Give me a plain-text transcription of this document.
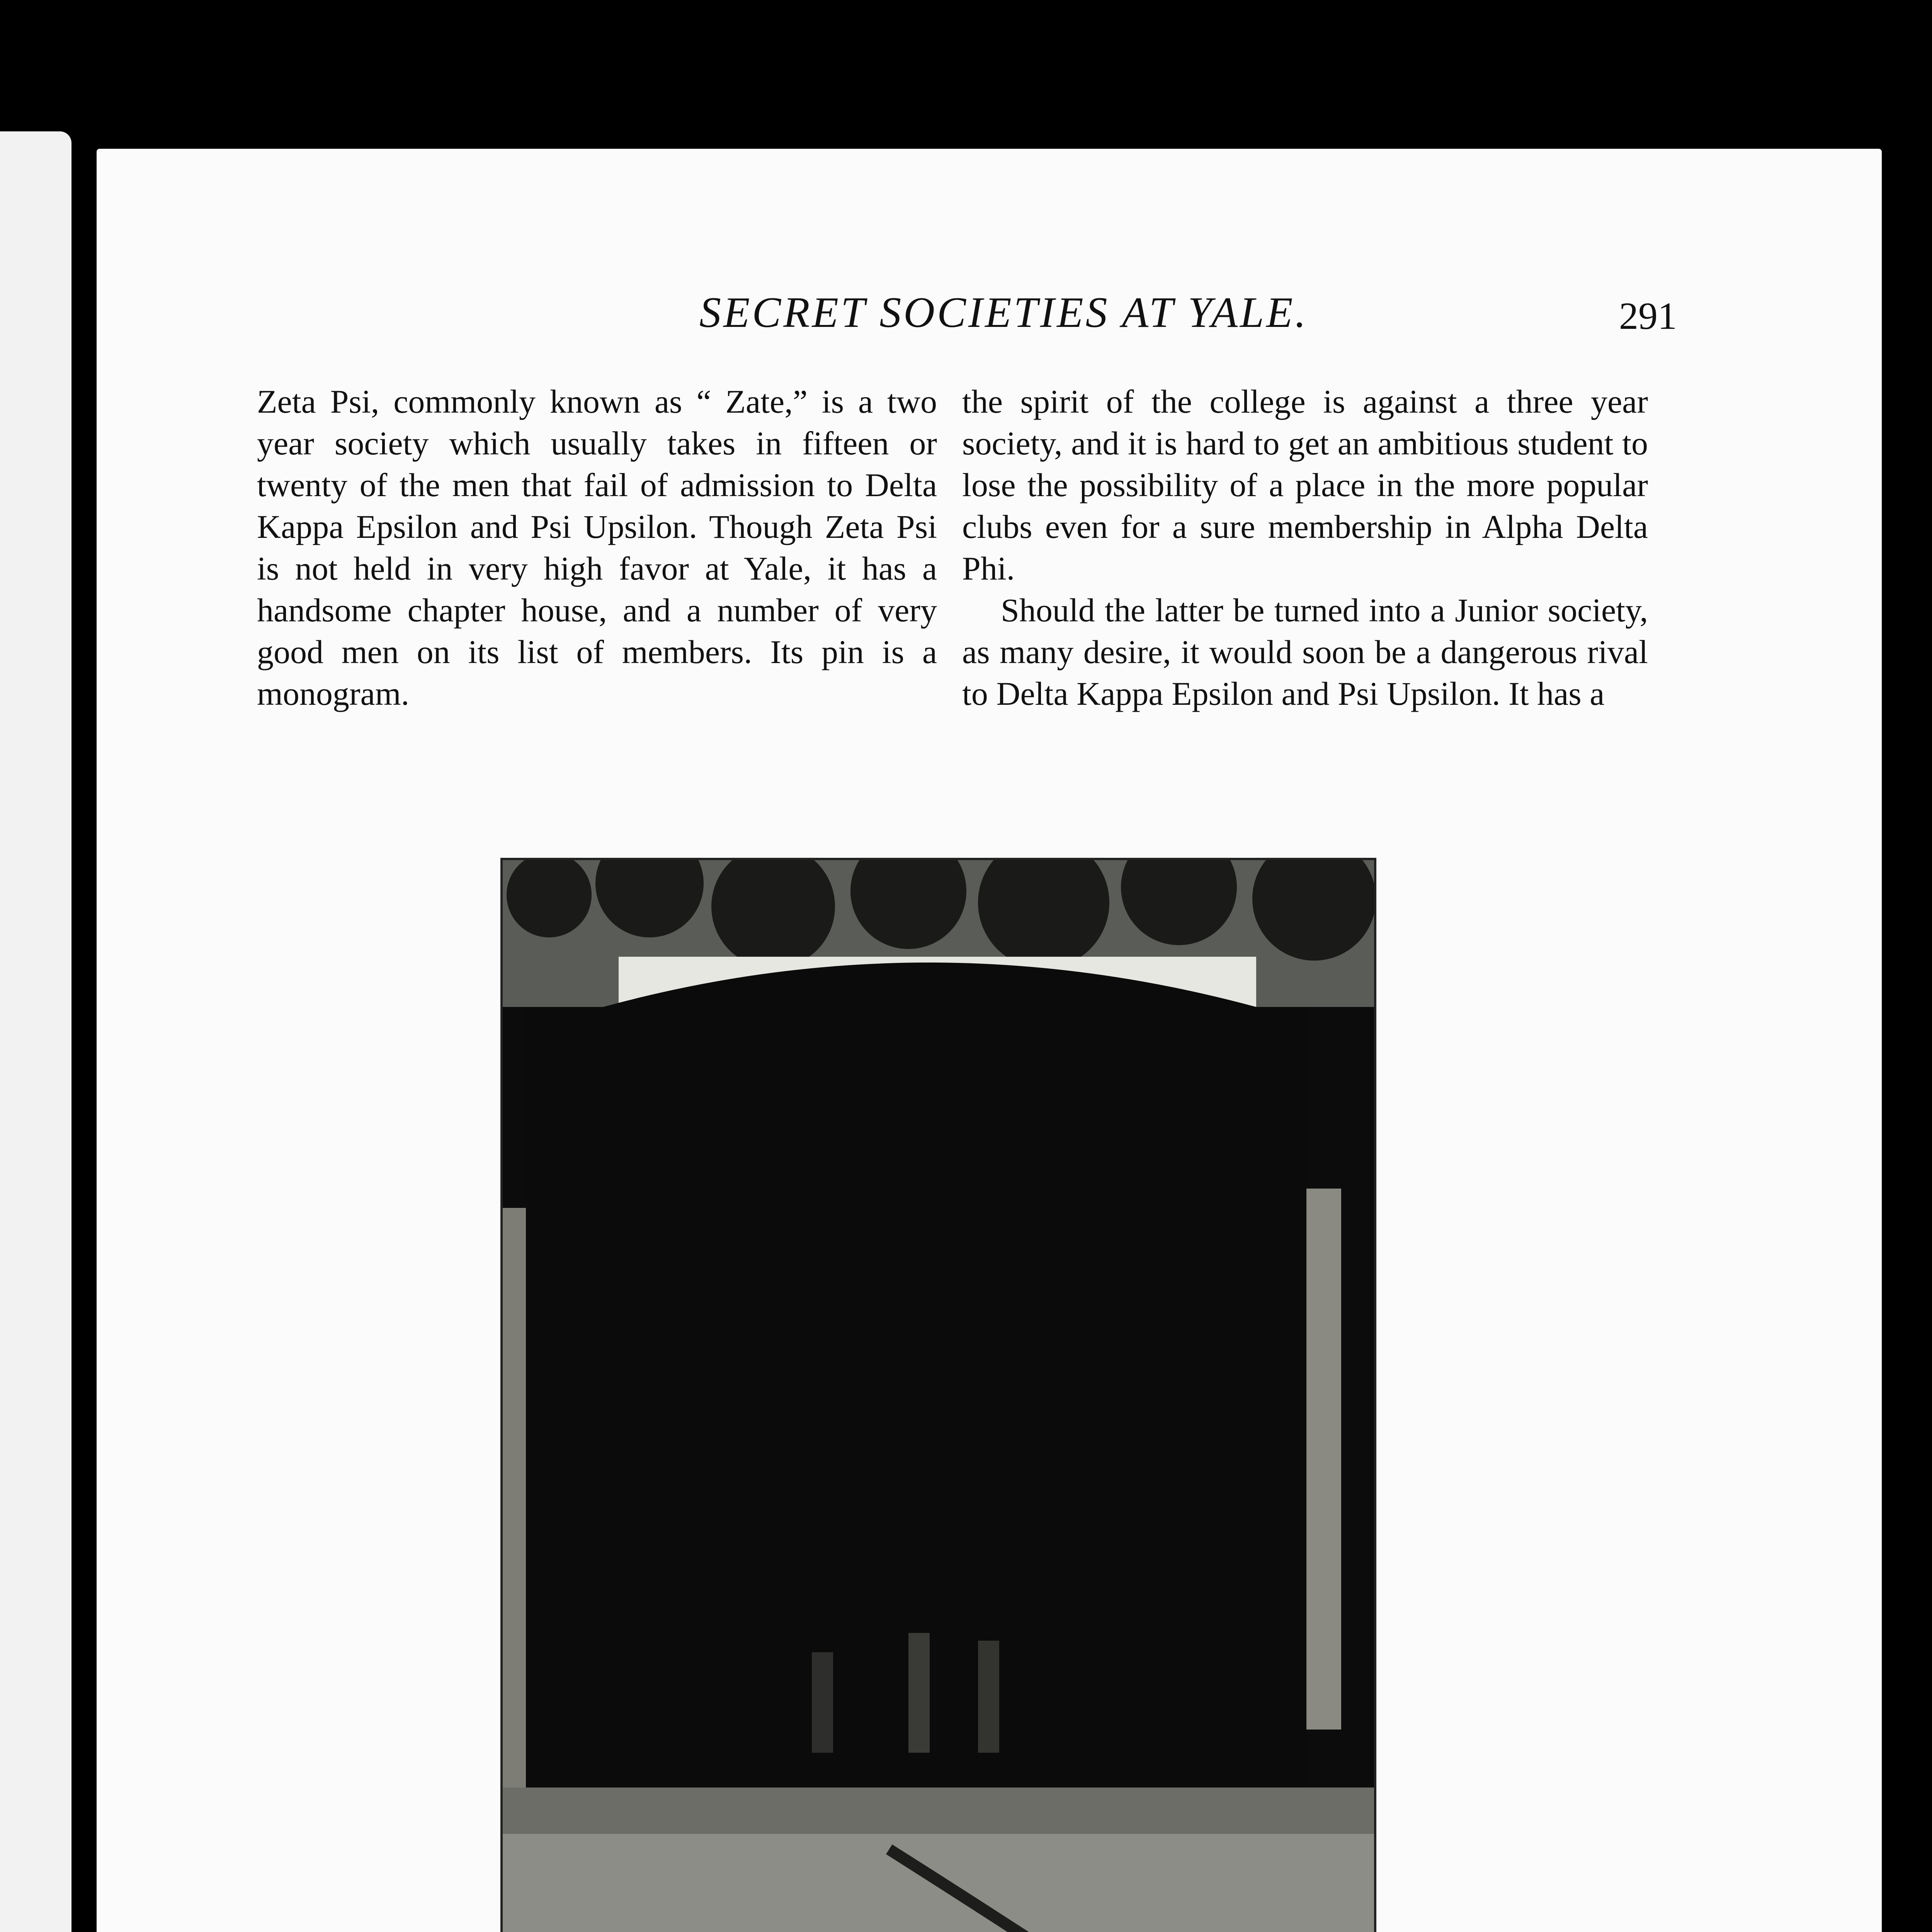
SECRET SOCIETIES AT YALE.	291

Zeta Psi, commonly known as “ Zate,” is a two year society which usually takes in fifteen or twenty of the men that fail of admission to Delta Kappa Epsilon and Psi Upsilon. Though Zeta Psi is not held in very high favor at Yale, it has a handsome chapter house, and a number of very good men on its list of members. Its pin is a monogram.

the spirit of the college is against a three year society, and it is hard to get an ambitious student to lose the possibility of a place in the more popular clubs even for a sure membership in Alpha Delta Phi.

Should the latter be turned into a Junior society, as many desire, it would soon be a dangerous rival to Delta Kappa Epsilon and Psi Upsilon. It has a
